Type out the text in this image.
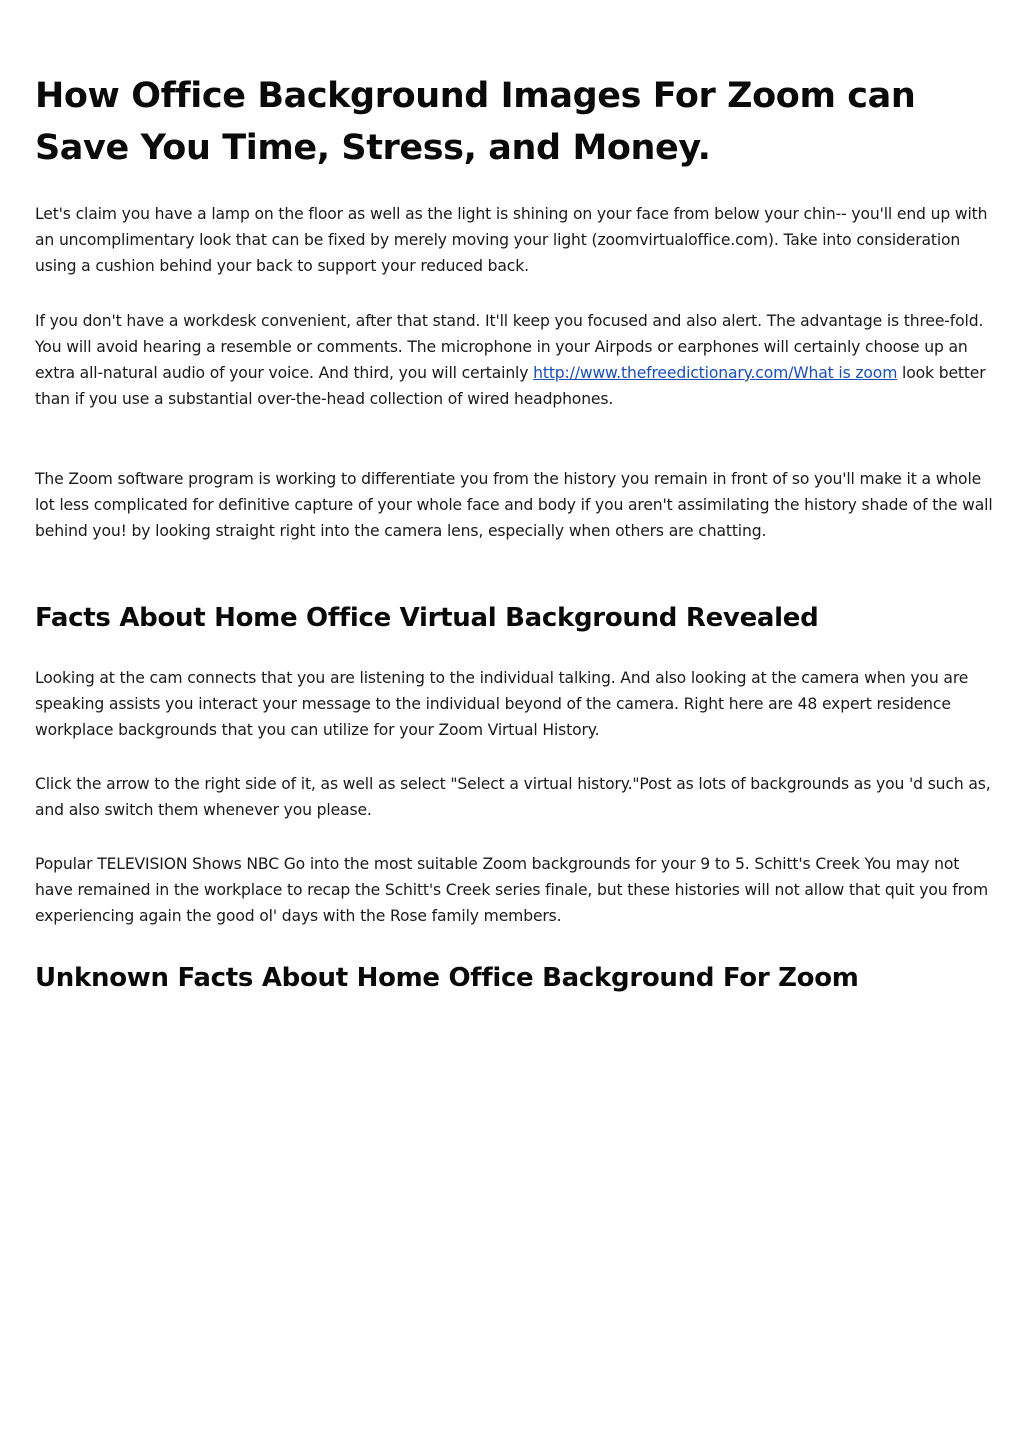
How Office Background Images For Zoom can Save You Time, Stress, and Money.

Let's claim you have a lamp on the floor as well as the light is shining on your face from below your chin-- you'll end up with an uncomplimentary look that can be fixed by merely moving your light (zoomvirtualoffice.com). Take into consideration using a cushion behind your back to support your reduced back.

If you don't have a workdesk convenient, after that stand. It'll keep you focused and also alert. The advantage is three-fold. You will avoid hearing a resemble or comments. The microphone in your Airpods or earphones will certainly choose up an extra all-natural audio of your voice. And third, you will certainly http://www.thefreedictionary.com/What is zoom look better than if you use a substantial over-the-head collection of wired headphones.

The Zoom software program is working to differentiate you from the history you remain in front of so you'll make it a whole lot less complicated for definitive capture of your whole face and body if you aren't assimilating the history shade of the wall behind you! by looking straight right into the camera lens, especially when others are chatting.

Facts About Home Office Virtual Background Revealed

Looking at the cam connects that you are listening to the individual talking. And also looking at the camera when you are speaking assists you interact your message to the individual beyond of the camera. Right here are 48 expert residence workplace backgrounds that you can utilize for your Zoom Virtual History.

Click the arrow to the right side of it, as well as select "Select a virtual history."Post as lots of backgrounds as you 'd such as, and also switch them whenever you please.

Popular TELEVISION Shows NBC Go into the most suitable Zoom backgrounds for your 9 to 5. Schitt's Creek You may not have remained in the workplace to recap the Schitt's Creek series finale, but these histories will not allow that quit you from experiencing again the good ol' days with the Rose family members.

Unknown Facts About Home Office Background For Zoom
